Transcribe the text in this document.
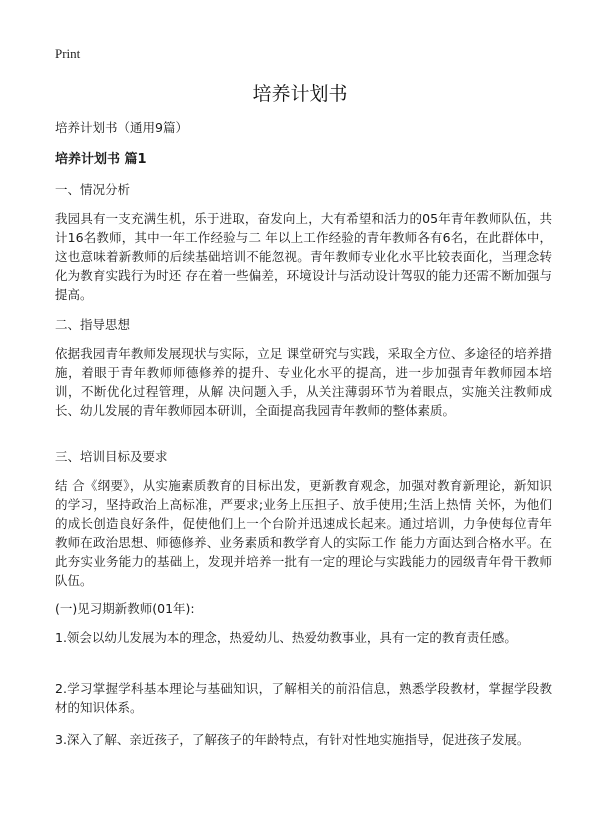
Print
培养计划书

培养计划书（通用9篇）

培养计划书 篇1

一、情况分析

我园具有一支充满生机，乐于进取，奋发向上，大有希望和活力的05年青年教师队伍，共计16名教师，其中一年工作经验与二 年以上工作经验的青年教师各有6名，在此群体中，这也意味着新教师的后续基础培训不能忽视。青年教师专业化水平比较表面化，当理念转化为教育实践行为时还 存在着一些偏差，环境设计与活动设计驾驭的能力还需不断加强与提高。

二、指导思想

依据我园青年教师发展现状与实际，立足 课堂研究与实践，采取全方位、多途径的培养措施，着眼于青年教师师德修养的提升、专业化水平的提高，进一步加强青年教师园本培训，不断优化过程管理，从解 决问题入手，从关注薄弱环节为着眼点，实施关注教师成长、幼儿发展的青年教师园本研训，全面提高我园青年教师的整体素质。

三、培训目标及要求

结 合《纲要》，从实施素质教育的目标出发，更新教育观念，加强对教育新理论，新知识的学习，坚持政治上高标准，严要求;业务上压担子、放手使用;生活上热情 关怀，为他们的成长创造良好条件，促使他们上一个台阶并迅速成长起来。通过培训，力争使每位青年教师在政治思想、师德修养、业务素质和教学育人的实际工作 能力方面达到合格水平。在此夯实业务能力的基础上，发现并培养一批有一定的理论与实践能力的园级青年骨干教师队伍。

(一)见习期新教师(01年):

1.领会以幼儿发展为本的理念，热爱幼儿、热爱幼教事业，具有一定的教育责任感。

2.学习掌握学科基本理论与基础知识，了解相关的前沿信息，熟悉学段教材，掌握学段教材的知识体系。

3.深入了解、亲近孩子，了解孩子的年龄特点，有针对性地实施指导，促进孩子发展。
